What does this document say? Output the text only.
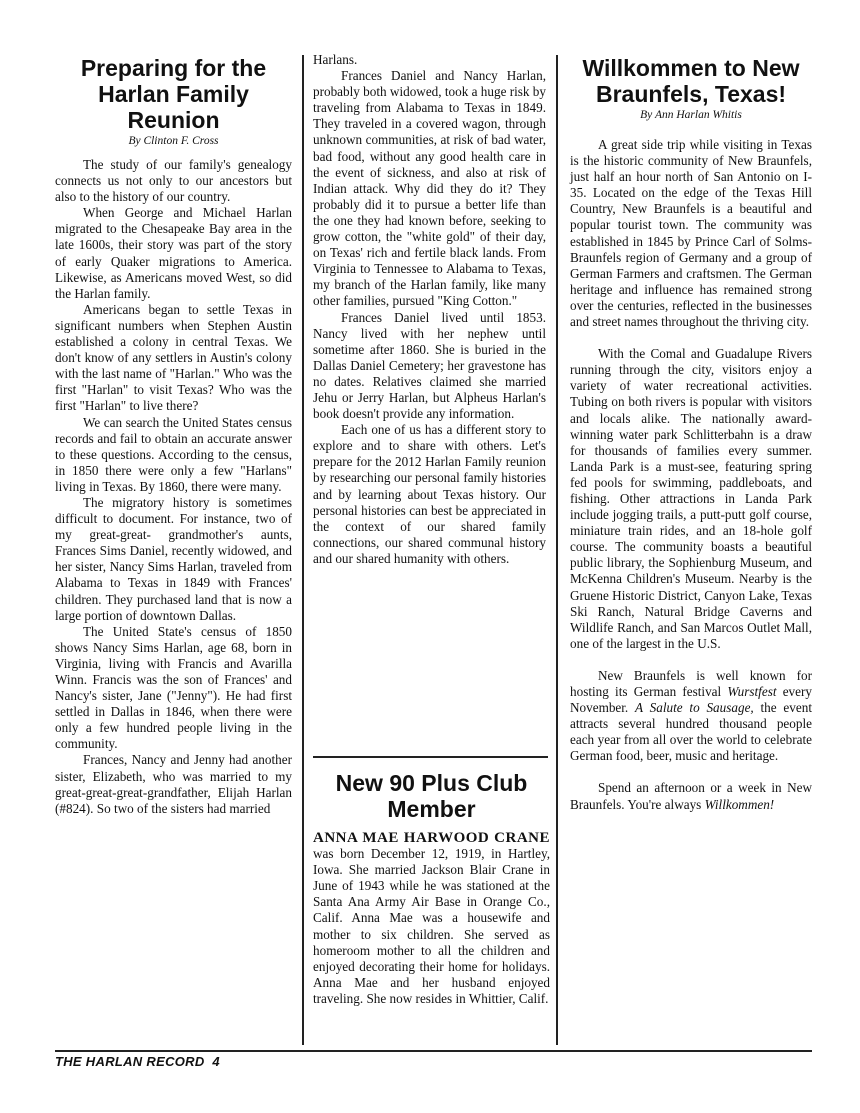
Preparing for the Harlan Family Reunion
By Clinton F. Cross

The study of our family's genealogy connects us not only to our ancestors but also to the history of our country.

When George and Michael Harlan migrated to the Chesapeake Bay area in the late 1600s, their story was part of the story of early Quaker migrations to America. Likewise, as Americans moved West, so did the Harlan family.

Americans began to settle Texas in significant numbers when Stephen Austin established a colony in central Texas. We don't know of any settlers in Austin's colony with the last name of "Harlan." Who was the first "Harlan" to visit Texas? Who was the first "Harlan" to live there?

We can search the United States census records and fail to obtain an accurate answer to these questions. According to the census, in 1850 there were only a few "Harlans" living in Texas. By 1860, there were many.

The migratory history is sometimes difficult to document. For instance, two of my great-great- grandmother's aunts, Frances Sims Daniel, recently widowed, and her sister, Nancy Sims Harlan, traveled from Alabama to Texas in 1849 with Frances' children. They purchased land that is now a large portion of downtown Dallas.

The United State's census of 1850 shows Nancy Sims Harlan, age 68, born in Virginia, living with Francis and Avarilla Winn. Francis was the son of Frances' and Nancy's sister, Jane ("Jenny"). He had first settled in Dallas in 1846, when there were only a few hundred people living in the community.

Frances, Nancy and Jenny had another sister, Elizabeth, who was married to my great-great-great-grandfather, Elijah Harlan (#824). So two of the sisters had married

Harlans.

Frances Daniel and Nancy Harlan, probably both widowed, took a huge risk by traveling from Alabama to Texas in 1849. They traveled in a covered wagon, through unknown communities, at risk of bad water, bad food, without any good health care in the event of sickness, and also at risk of Indian attack. Why did they do it? They probably did it to pursue a better life than the one they had known before, seeking to grow cotton, the "white gold" of their day, on Texas' rich and fertile black lands. From Virginia to Tennessee to Alabama to Texas, my branch of the Harlan family, like many other families, pursued "King Cotton."

Frances Daniel lived until 1853. Nancy lived with her nephew until sometime after 1860. She is buried in the Dallas Daniel Cemetery; her gravestone has no dates. Relatives claimed she married Jehu or Jerry Harlan, but Alpheus Harlan's book doesn't provide any information.

Each one of us has a different story to explore and to share with others. Let's prepare for the 2012 Harlan Family reunion by researching our personal family histories and by learning about Texas history. Our personal histories can best be appreciated in the context of our shared family connections, our shared communal history and our shared humanity with others.

New 90 Plus Club Member

ANNA MAE HARWOOD CRANE was born December 12, 1919, in Hartley, Iowa. She married Jackson Blair Crane in June of 1943 while he was stationed at the Santa Ana Army Air Base in Orange Co., Calif. Anna Mae was a housewife and mother to six children. She served as homeroom mother to all the children and enjoyed decorating their home for holidays. Anna Mae and her husband enjoyed traveling. She now resides in Whittier, Calif.

Willkommen to New Braunfels, Texas!
By Ann Harlan Whitis

A great side trip while visiting in Texas is the historic community of New Braunfels, just half an hour north of San Antonio on I-35. Located on the edge of the Texas Hill Country, New Braunfels is a beautiful and popular tourist town. The community was established in 1845 by Prince Carl of Solms-Braunfels region of Germany and a group of German Farmers and craftsmen. The German heritage and influence has remained strong over the centuries, reflected in the businesses and street names throughout the thriving city.

With the Comal and Guadalupe Rivers running through the city, visitors enjoy a variety of water recreational activities. Tubing on both rivers is popular with visitors and locals alike. The nationally award-winning water park Schlitterbahn is a draw for thousands of families every summer. Landa Park is a must-see, featuring spring fed pools for swimming, paddleboats, and fishing. Other attractions in Landa Park include jogging trails, a putt-putt golf course, miniature train rides, and an 18-hole golf course. The community boasts a beautiful public library, the Sophienburg Museum, and McKenna Children's Museum. Nearby is the Gruene Historic District, Canyon Lake, Texas Ski Ranch, Natural Bridge Caverns and Wildlife Ranch, and San Marcos Outlet Mall, one of the largest in the U.S.

New Braunfels is well known for hosting its German festival Wurstfest every November. A Salute to Sausage, the event attracts several hundred thousand people each year from all over the world to celebrate German food, beer, music and heritage.

Spend an afternoon or a week in New Braunfels. You're always Willkommen!

THE HARLAN RECORD  4
